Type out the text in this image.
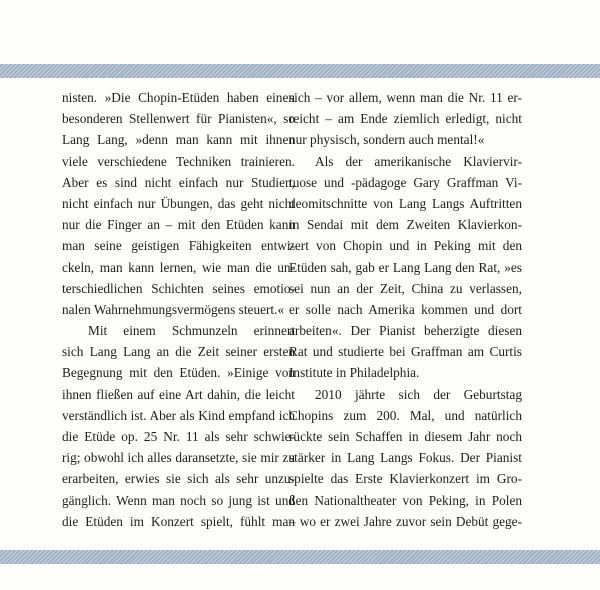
nisten. »Die Chopin-Etüden haben einen
besonderen Stellenwert für Pianisten«, so
Lang Lang, »denn man kann mit ihnen
viele verschiedene Techniken trainieren.
Aber es sind nicht einfach nur Studien,
nicht einfach nur Übungen, das geht nicht
nur die Finger an – mit den Etüden kann
man seine geistigen Fähigkeiten entwi-
ckeln, man kann lernen, wie man die un-
terschiedlichen Schichten seines emotio-
nalen Wahrnehmungsvermögens steuert.«
Mit einem Schmunzeln erinnert
sich Lang Lang an die Zeit seiner ersten
Begegnung mit den Etüden. »Einige von
ihnen fließen auf eine Art dahin, die leicht
verständlich ist. Aber als Kind empfand ich
die Etüde op. 25 Nr. 11 als sehr schwie-
rig; obwohl ich alles daransetzte, sie mir zu
erarbeiten, erwies sie sich als sehr unzu-
gänglich. Wenn man noch so jung ist und
die Etüden im Konzert spielt, fühlt man
sich – vor allem, wenn man die Nr. 11 er-
reicht – am Ende ziemlich erledigt, nicht
nur physisch, sondern auch mental!«
Als der amerikanische Klaviervir-
tuose und -pädagoge Gary Graffman Vi-
deomitschnitte von Lang Langs Auftritten
in Sendai mit dem Zweiten Klavierkon-
zert von Chopin und in Peking mit den
Etüden sah, gab er Lang Lang den Rat, »es
sei nun an der Zeit, China zu verlassen,
er solle nach Amerika kommen und dort
arbeiten«. Der Pianist beherzigte diesen
Rat und studierte bei Graffman am Curtis
Institute in Philadelphia.
2010 jährte sich der Geburtstag
Chopins zum 200. Mal, und natürlich
rückte sein Schaffen in diesem Jahr noch
stärker in Lang Langs Fokus. Der Pianist
spielte das Erste Klavierkonzert im Gro-
ßen Nationaltheater von Peking, in Polen
– wo er zwei Jahre zuvor sein Debüt gege-
